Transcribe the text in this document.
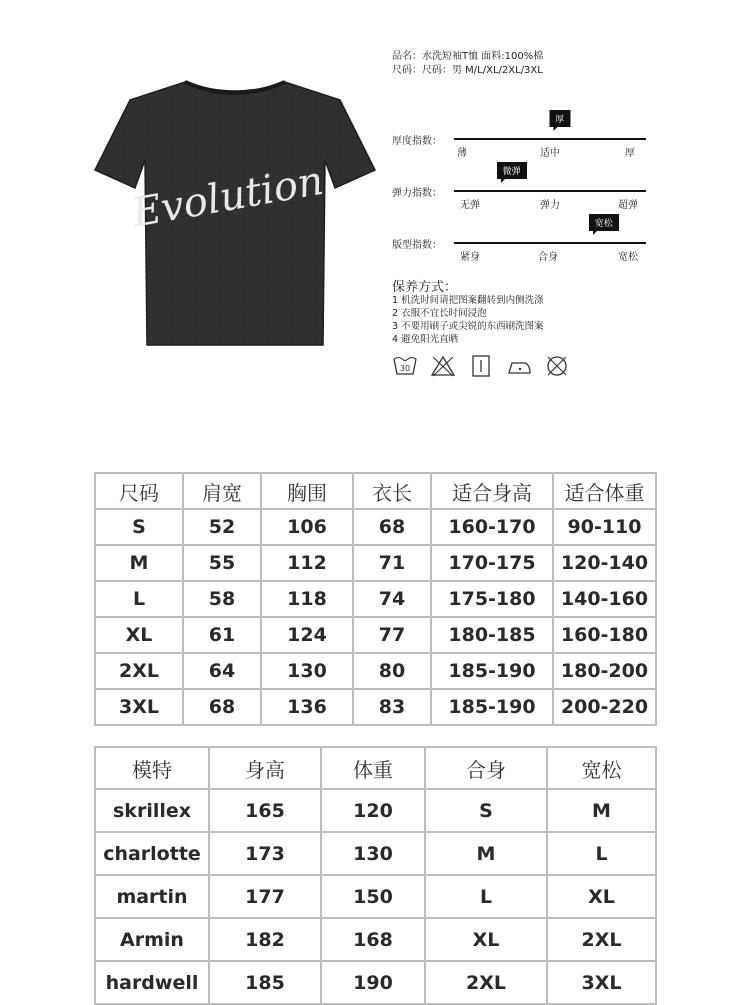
Evolution
品名：水洗短袖T恤 面料:100%棉
尺码：尺码：男 M/L/XL/2XL/3XL
厚度指数：
薄	适中	厚
厚
弹力指数：
无弹	弹力	超弹
微弹
版型指数：
紧身	合身	宽松
宽松
保养方式：
1 机洗时间请把图案翻转到内侧洗涤
2 衣服不宜长时间浸泡
3 不要用刷子或尖锐的东西刷洗图案
4 避免阳光直晒
30
尺码	肩宽	胸围	衣长	适合身高	适合体重
S	52	106	68	160-170	90-110
M	55	112	71	170-175	120-140
L	58	118	74	175-180	140-160
XL	61	124	77	180-185	160-180
2XL	64	130	80	185-190	180-200
3XL	68	136	83	185-190	200-220
模特	身高	体重	合身	宽松
skrillex	165	120	S	M
charlotte	173	130	M	L
martin	177	150	L	XL
Armin	182	168	XL	2XL
hardwell	185	190	2XL	3XL
